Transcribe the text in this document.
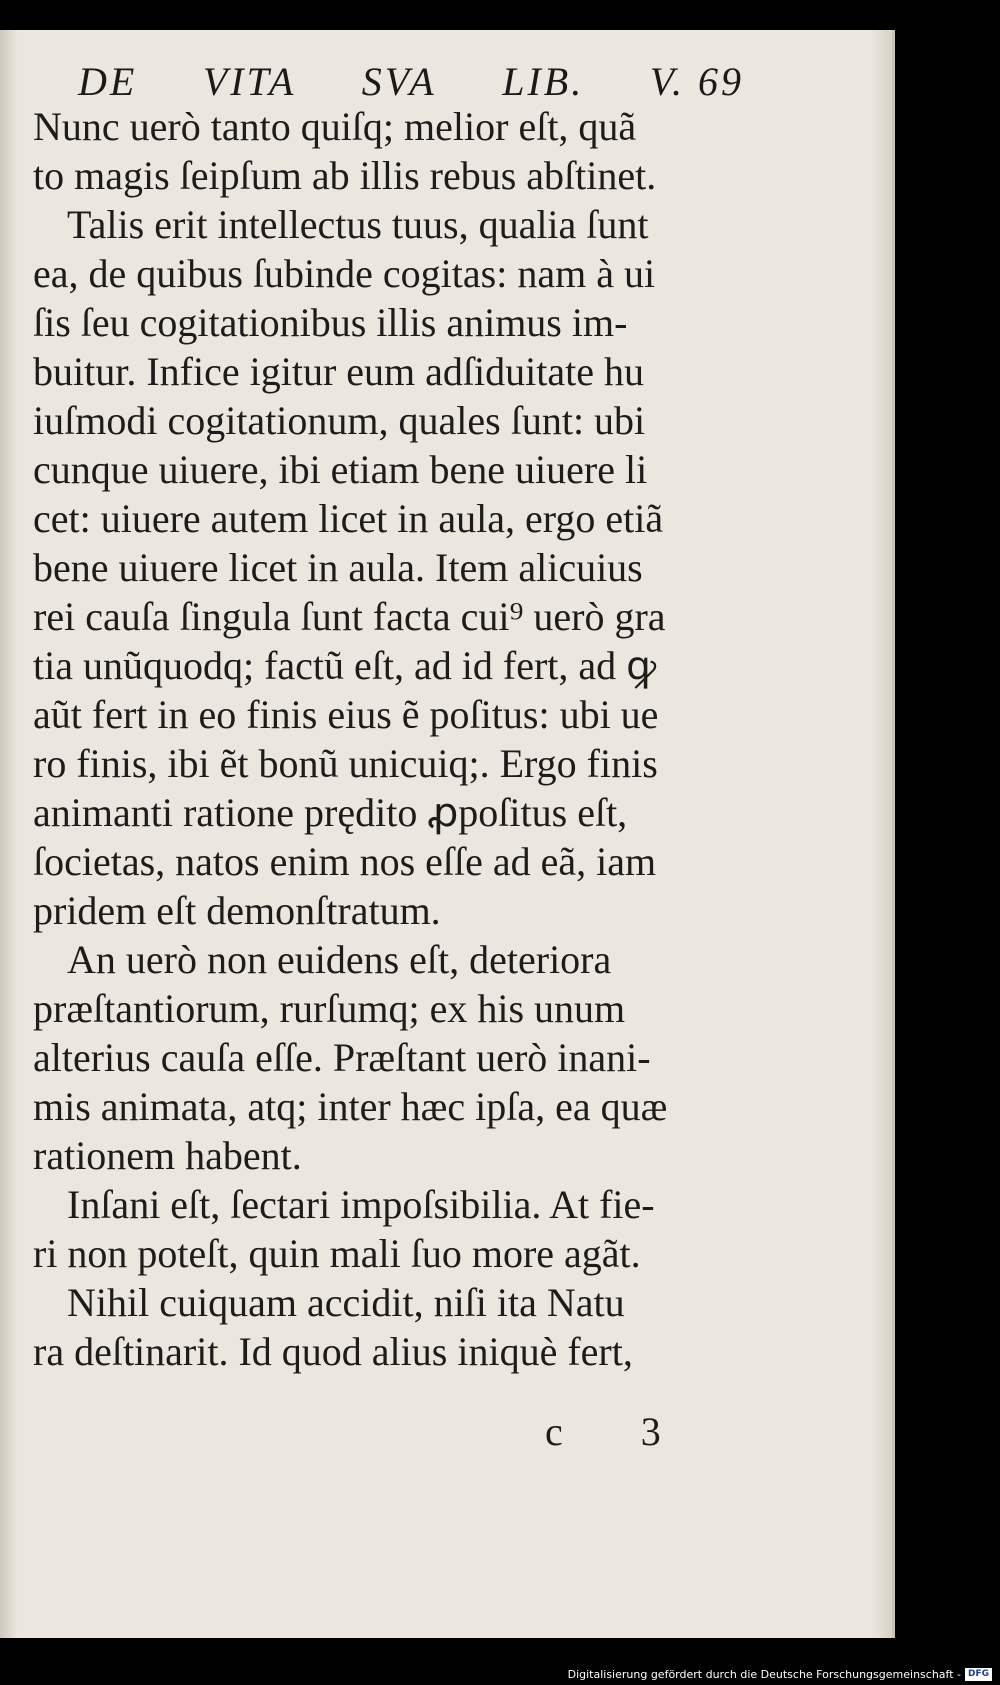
DE VITA SVA LIB. V. 69
Nunc uerò tanto quiſq; melior eſt, quã
to magis ſeipſum ab illis rebus abſtinet.
Talis erit intellectus tuus, qualia ſunt
ea, de quibus ſubinde cogitas: nam à ui
ſis ſeu cogitationibus illis animus im-
buitur. Infice igitur eum adſiduitate hu
iuſmodi cogitationum, quales ſunt: ubi
cunque uiuere, ibi etiam bene uiuere li
cet: uiuere autem licet in aula, ergo etiã
bene uiuere licet in aula. Item alicuius
rei cauſa ſingula ſunt facta cui⁹ uerò gra
tia unũquodq; factũ eſt, ad id fert, ad ꝙ
aũt fert in eo finis eius ẽ poſitus: ubi ue
ro finis, ibi ẽt bonũ unicuiq;. Ergo finis
animanti ratione prędito ꝓpoſitus eſt,
ſocietas, natos enim nos eſſe ad eã, iam
pridem eſt demonſtratum.
An uerò non euidens eſt, deteriora
præſtantiorum, rurſumq; ex his unum
alterius cauſa eſſe. Præſtant uerò inani-
mis animata, atq; inter hæc ipſa, ea quæ
rationem habent.
Inſani eſt, ſectari impoſsibilia. At fie-
ri non poteſt, quin mali ſuo more agãt.
Nihil cuiquam accidit, niſi ita Natu
ra deſtinarit. Id quod alius iniquè fert,
c 3
Digitalisierung gefördert durch die Deutsche Forschungsgemeinschaft - DFG
